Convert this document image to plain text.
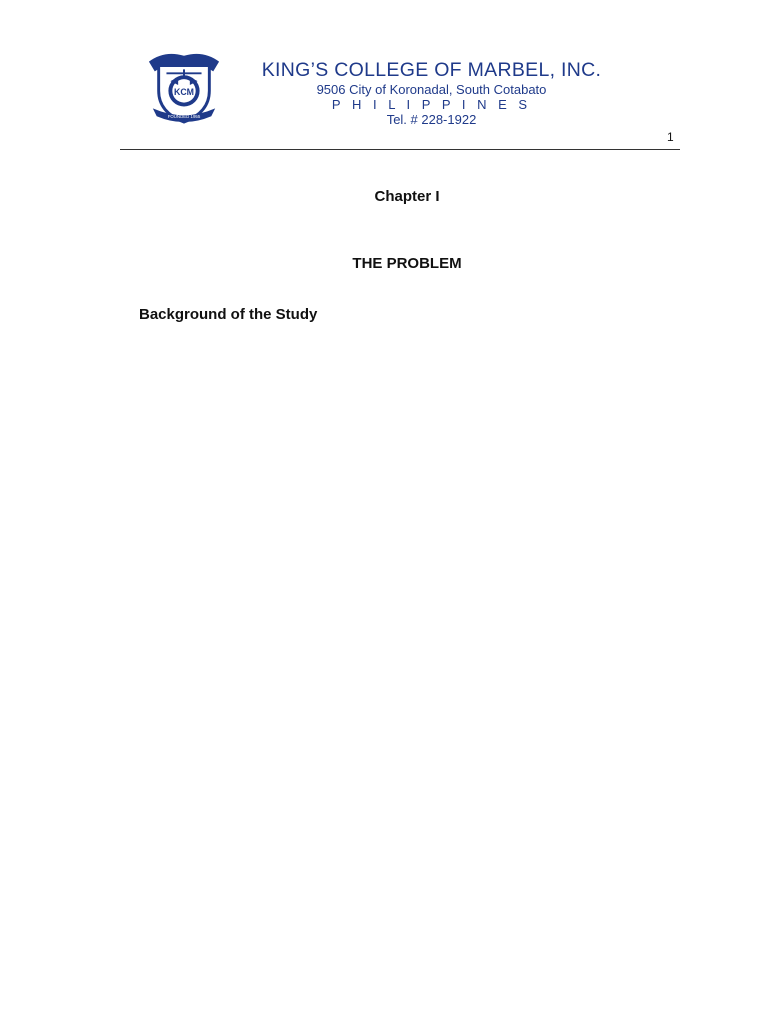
KCM
FOUNDED 1955
KING’S COLLEGE OF MARBEL, INC.
9506 City of Koronadal, South Cotabato
P H I L I P P I N E S
Tel. # 228-1922
1
Chapter I
THE PROBLEM
Background of the Study
